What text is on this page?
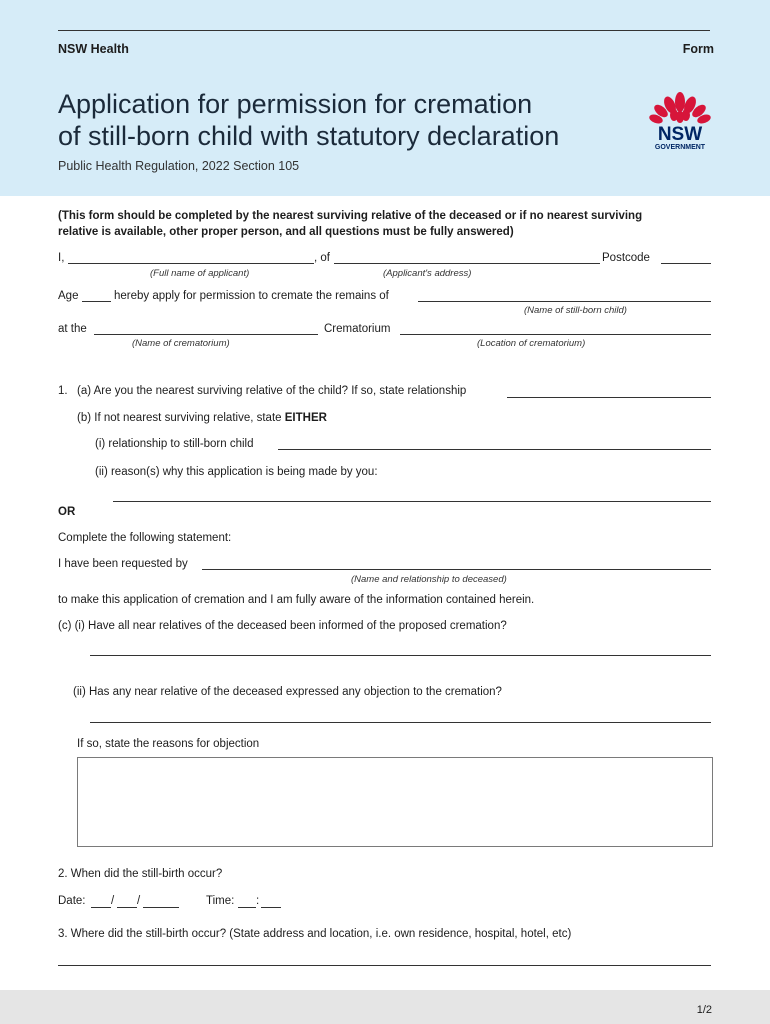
NSW Health	Form
Application for permission for cremation
of still-born child with statutory declaration
Public Health Regulation, 2022 Section 105
NSW
GOVERNMENT
(This form should be completed by the nearest surviving relative of the deceased or if no nearest surviving
relative is available, other proper person, and all questions must be fully answered)
I,	, of	Postcode
(Full name of applicant)	(Applicant's address)
Age	hereby apply for permission to cremate the remains of
(Name of still-born child)
at the	Crematorium
(Name of crematorium)	(Location of crematorium)
1. (a) Are you the nearest surviving relative of the child? If so, state relationship
(b) If not nearest surviving relative, state EITHER
(i) relationship to still-born child
(ii) reason(s) why this application is being made by you:
OR
Complete the following statement:
I have been requested by
(Name and relationship to deceased)
to make this application of cremation and I am fully aware of the information contained herein.
(c) (i) Have all near relatives of the deceased been informed of the proposed cremation?
(ii) Has any near relative of the deceased expressed any objection to the cremation?
If so, state the reasons for objection
2. When did the still-birth occur?
Date: / /	Time: :
3. Where did the still-birth occur? (State address and location, i.e. own residence, hospital, hotel, etc)
1/2
